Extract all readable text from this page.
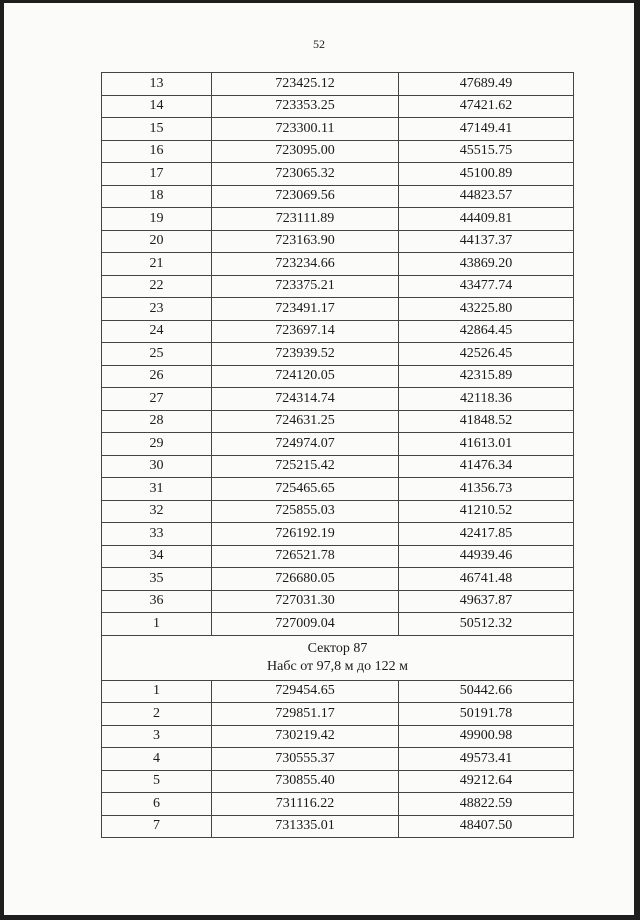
52
13	723425.12	47689.49
14	723353.25	47421.62
15	723300.11	47149.41
16	723095.00	45515.75
17	723065.32	45100.89
18	723069.56	44823.57
19	723111.89	44409.81
20	723163.90	44137.37
21	723234.66	43869.20
22	723375.21	43477.74
23	723491.17	43225.80
24	723697.14	42864.45
25	723939.52	42526.45
26	724120.05	42315.89
27	724314.74	42118.36
28	724631.25	41848.52
29	724974.07	41613.01
30	725215.42	41476.34
31	725465.65	41356.73
32	725855.03	41210.52
33	726192.19	42417.85
34	726521.78	44939.46
35	726680.05	46741.48
36	727031.30	49637.87
1	727009.04	50512.32

Сектор 87
Набс от 97,8 м до 122 м		

1	729454.65	50442.66
2	729851.17	50191.78
3	730219.42	49900.98
4	730555.37	49573.41
5	730855.40	49212.64
6	731116.22	48822.59
7	731335.01	48407.50
